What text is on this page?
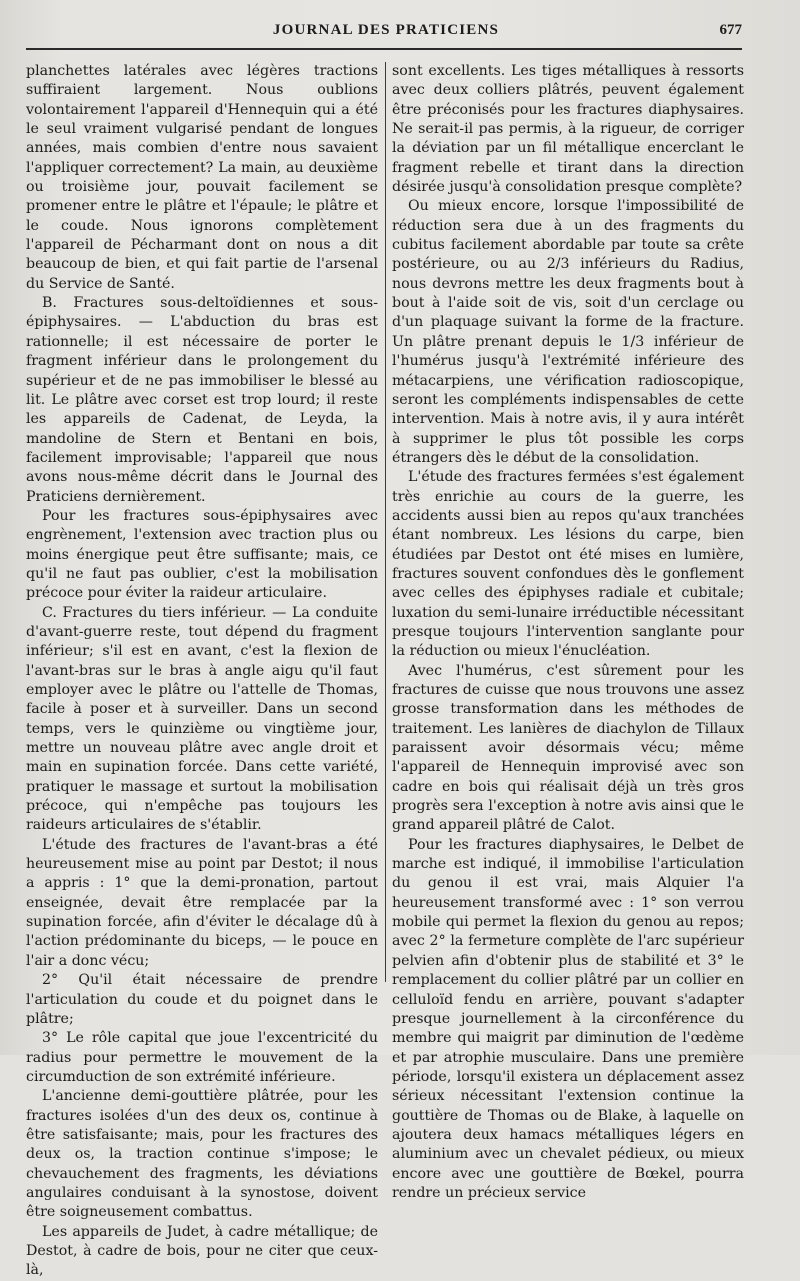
JOURNAL DES PRATICIENS	677

planchettes latérales avec légères tractions suffiraient largement. Nous oublions volontairement l'appareil d'Hennequin qui a été le seul vraiment vulgarisé pendant de longues années, mais combien d'entre nous savaient l'appliquer correctement? La main, au deuxième ou troisième jour, pouvait facilement se promener entre le plâtre et l'épaule; le plâtre et le coude. Nous ignorons complètement l'appareil de Pécharmant dont on nous a dit beaucoup de bien, et qui fait partie de l'arsenal du Service de Santé.

B. Fractures sous-deltoïdiennes et sous-épiphysaires. — L'abduction du bras est rationnelle; il est nécessaire de porter le fragment inférieur dans le prolongement du supérieur et de ne pas immobiliser le blessé au lit. Le plâtre avec corset est trop lourd; il reste les appareils de Cadenat, de Leyda, la mandoline de Stern et Bentani en bois, facilement improvisable; l'appareil que nous avons nous-même décrit dans le Journal des Praticiens dernièrement.

Pour les fractures sous-épiphysaires avec engrènement, l'extension avec traction plus ou moins énergique peut être suffisante; mais, ce qu'il ne faut pas oublier, c'est la mobilisation précoce pour éviter la raideur articulaire.

C. Fractures du tiers inférieur. — La conduite d'avant-guerre reste, tout dépend du fragment inférieur; s'il est en avant, c'est la flexion de l'avant-bras sur le bras à angle aigu qu'il faut employer avec le plâtre ou l'attelle de Thomas, facile à poser et à surveiller. Dans un second temps, vers le quinzième ou vingtième jour, mettre un nouveau plâtre avec angle droit et main en supination forcée. Dans cette variété, pratiquer le massage et surtout la mobilisation précoce, qui n'empêche pas toujours les raideurs articulaires de s'établir.

L'étude des fractures de l'avant-bras a été heureusement mise au point par Destot; il nous a appris : 1° que la demi-pronation, partout enseignée, devait être remplacée par la supination forcée, afin d'éviter le décalage dû à l'action prédominante du biceps, — le pouce en l'air a donc vécu;

2° Qu'il était nécessaire de prendre l'articulation du coude et du poignet dans le plâtre;

3° Le rôle capital que joue l'excentricité du radius pour permettre le mouvement de la circumduction de son extrémité inférieure.

L'ancienne demi-gouttière plâtrée, pour les fractures isolées d'un des deux os, continue à être satisfaisante; mais, pour les fractures des deux os, la traction continue s'impose; le chevauchement des fragments, les déviations angulaires conduisant à la synostose, doivent être soigneusement combattus.

Les appareils de Judet, à cadre métallique; de Destot, à cadre de bois, pour ne citer que ceux-là,

sont excellents. Les tiges métalliques à ressorts avec deux colliers plâtrés, peuvent également être préconisés pour les fractures diaphysaires. Ne serait-il pas permis, à la rigueur, de corriger la déviation par un fil métallique encerclant le fragment rebelle et tirant dans la direction désirée jusqu'à consolidation presque complète?

Ou mieux encore, lorsque l'impossibilité de réduction sera due à un des fragments du cubitus facilement abordable par toute sa crête postérieure, ou au 2/3 inférieurs du Radius, nous devrons mettre les deux fragments bout à bout à l'aide soit de vis, soit d'un cerclage ou d'un plaquage suivant la forme de la fracture. Un plâtre prenant depuis le 1/3 inférieur de l'humérus jusqu'à l'extrémité inférieure des métacarpiens, une vérification radioscopique, seront les compléments indispensables de cette intervention. Mais à notre avis, il y aura intérêt à supprimer le plus tôt possible les corps étrangers dès le début de la consolidation.

L'étude des fractures fermées s'est également très enrichie au cours de la guerre, les accidents aussi bien au repos qu'aux tranchées étant nombreux. Les lésions du carpe, bien étudiées par Destot ont été mises en lumière, fractures souvent confondues dès le gonflement avec celles des épiphyses radiale et cubitale; luxation du semi-lunaire irréductible nécessitant presque toujours l'intervention sanglante pour la réduction ou mieux l'énucléation.

Avec l'humérus, c'est sûrement pour les fractures de cuisse que nous trouvons une assez grosse transformation dans les méthodes de traitement. Les lanières de diachylon de Tillaux paraissent avoir désormais vécu; même l'appareil de Hennequin improvisé avec son cadre en bois qui réalisait déjà un très gros progrès sera l'exception à notre avis ainsi que le grand appareil plâtré de Calot.

Pour les fractures diaphysaires, le Delbet de marche est indiqué, il immobilise l'articulation du genou il est vrai, mais Alquier l'a heureusement transformé avec : 1° son verrou mobile qui permet la flexion du genou au repos; avec 2° la fermeture complète de l'arc supérieur pelvien afin d'obtenir plus de stabilité et 3° le remplacement du collier plâtré par un collier en celluloïd fendu en arrière, pouvant s'adapter presque journellement à la circonférence du membre qui maigrit par diminution de l'œdème et par atrophie musculaire. Dans une première période, lorsqu'il existera un déplacement assez sérieux nécessitant l'extension continue la gouttière de Thomas ou de Blake, à laquelle on ajoutera deux hamacs métalliques légers en aluminium avec un chevalet pédieux, ou mieux encore avec une gouttière de Bœkel, pourra rendre un précieux service
